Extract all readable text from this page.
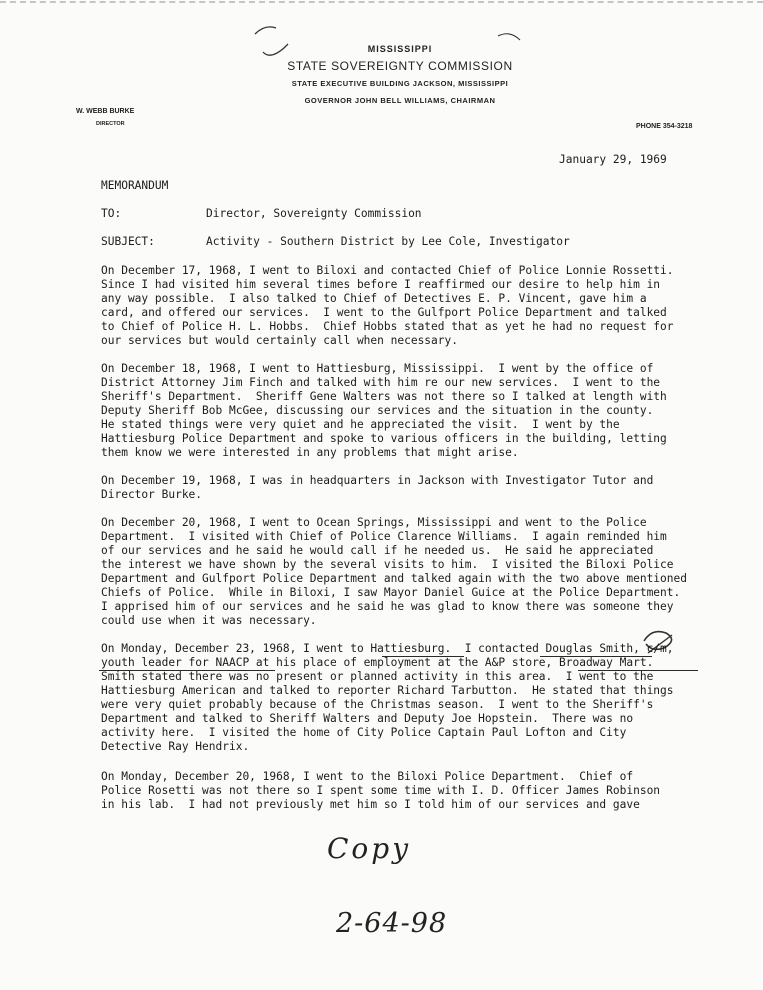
MISSISSIPPI
STATE SOVEREIGNTY COMMISSION
STATE EXECUTIVE BUILDING JACKSON, MISSISSIPPI
GOVERNOR JOHN BELL WILLIAMS, CHAIRMAN
W. WEBB BURKE
DIRECTOR	PHONE 354-3218
January 29, 1969
MEMORANDUM
TO:	Director, Sovereignty Commission
SUBJECT:	Activity - Southern District by Lee Cole, Investigator

On December 17, 1968, I went to Biloxi and contacted Chief of Police Lonnie Rossetti.
Since I had visited him several times before I reaffirmed our desire to help him in
any way possible.  I also talked to Chief of Detectives E. P. Vincent, gave him a
card, and offered our services.  I went to the Gulfport Police Department and talked
to Chief of Police H. L. Hobbs.  Chief Hobbs stated that as yet he had no request for
our services but would certainly call when necessary.

On December 18, 1968, I went to Hattiesburg, Mississippi.  I went by the office of
District Attorney Jim Finch and talked with him re our new services.  I went to the
Sheriff's Department.  Sheriff Gene Walters was not there so I talked at length with
Deputy Sheriff Bob McGee, discussing our services and the situation in the county.
He stated things were very quiet and he appreciated the visit.  I went by the
Hattiesburg Police Department and spoke to various officers in the building, letting
them know we were interested in any problems that might arise.

On December 19, 1968, I was in headquarters in Jackson with Investigator Tutor and
Director Burke.

On December 20, 1968, I went to Ocean Springs, Mississippi and went to the Police
Department.  I visited with Chief of Police Clarence Williams.  I again reminded him
of our services and he said he would call if he needed us.  He said he appreciated
the interest we have shown by the several visits to him.  I visited the Biloxi Police
Department and Gulfport Police Department and talked again with the two above mentioned
Chiefs of Police.  While in Biloxi, I saw Mayor Daniel Guice at the Police Department.
I apprised him of our services and he said he was glad to know there was someone they
could use when it was necessary.

On Monday, December 23, 1968, I went to Hattiesburg.  I contacted Douglas Smith, c/m,
youth leader for NAACP at his place of employment at the A&P store, Broadway Mart.
Smith stated there was no present or planned activity in this area.  I went to the
Hattiesburg American and talked to reporter Richard Tarbutton.  He stated that things
were very quiet probably because of the Christmas season.  I went to the Sheriff's
Department and talked to Sheriff Walters and Deputy Joe Hopstein.  There was no
activity here.  I visited the home of City Police Captain Paul Lofton and City
Detective Ray Hendrix.

On Monday, December 20, 1968, I went to the Biloxi Police Department.  Chief of
Police Rosetti was not there so I spent some time with I. D. Officer James Robinson
in his lab.  I had not previously met him so I told him of our services and gave

Copy
2-64-98
